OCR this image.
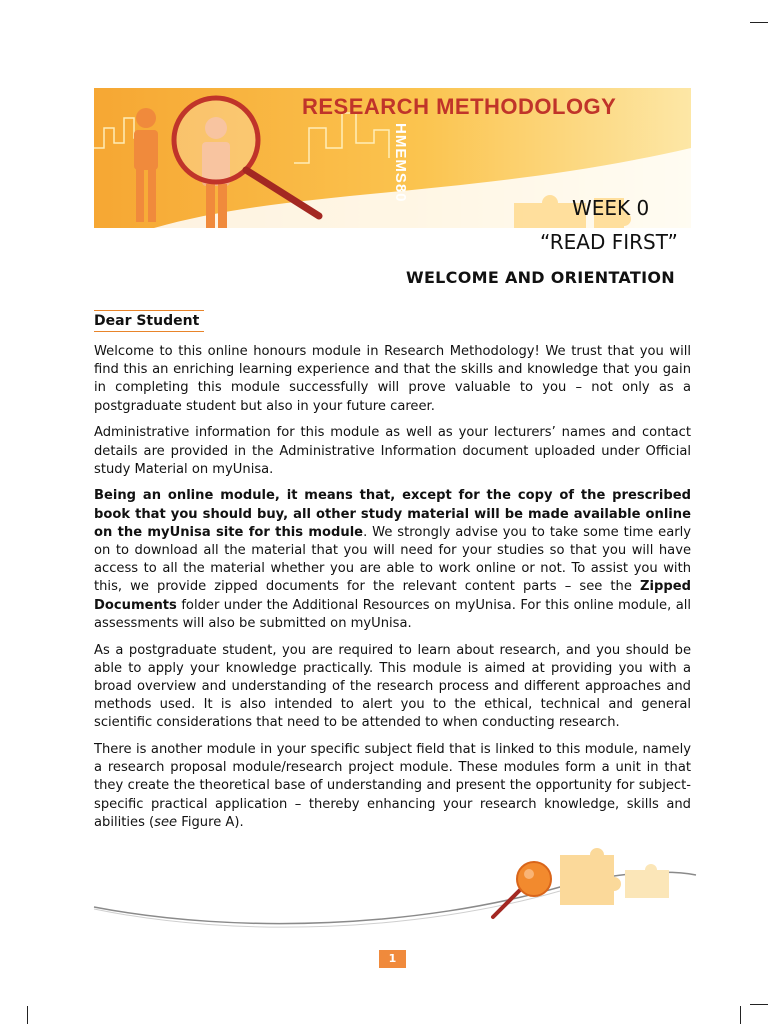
RESEARCH METHODOLOGY
HMEMS80
WEEK 0
“READ FIRST”
WELCOME AND ORIENTATION
Dear Student

Welcome to this online honours module in Research Methodology! We trust that you will find this an enriching learning experience and that the skills and knowledge that you gain in completing this module successfully will prove valuable to you – not only as a postgraduate student but also in your future career.

Administrative information for this module as well as your lecturers’ names and contact details are provided in the Administrative Information document uploaded under Official study Material on myUnisa.

Being an online module, it means that, except for the copy of the prescribed book that you should buy, all other study material will be made available online on the myUnisa site for this module. We strongly advise you to take some time early on to download all the material that you will need for your studies so that you will have access to all the material whether you are able to work online or not. To assist you with this, we provide zipped documents for the relevant content parts – see the Zipped Documents folder under the Additional Resources on myUnisa. For this online module, all assessments will also be submitted on myUnisa.

As a postgraduate student, you are required to learn about research, and you should be able to apply your knowledge practically. This module is aimed at providing you with a broad overview and understanding of the research process and different approaches and methods used. It is also intended to alert you to the ethical, technical and general scientific considerations that need to be attended to when conducting research.

There is another module in your specific subject field that is linked to this module, namely a research proposal module/research project module. These modules form a unit in that they create the theoretical base of understanding and present the opportunity for subject-specific practical application – thereby enhancing your research knowledge, skills and abilities (see Figure A).

1
